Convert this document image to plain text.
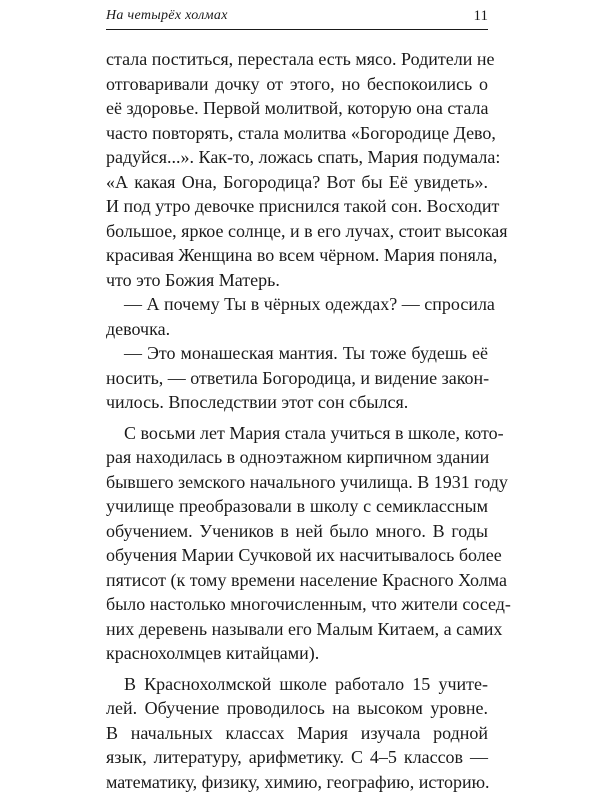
На четырёх холмах	11
стала поститься, перестала есть мясо. Родители не
отговаривали дочку от этого, но беспокоились о
её здоровье. Первой молитвой, которую она стала
часто повторять, стала молитва «Богородице Дево,
радуйся...». Как-то, ложась спать, Мария подумала:
«А какая Она, Богородица? Вот бы Её увидеть».
И под утро девочке приснился такой сон. Восходит
большое, яркое солнце, и в его лучах, стоит высокая
красивая Женщина во всем чёрном. Мария поняла,
что это Божия Матерь.
— А почему Ты в чёрных одеждах? — спросила
девочка.
— Это монашеская мантия. Ты тоже будешь её
носить, — ответила Богородица, и видение закон-
чилось. Впоследствии этот сон сбылся.
С восьми лет Мария стала учиться в школе, кото-
рая находилась в одноэтажном кирпичном здании
бывшего земского начального училища. В 1931 году
училище преобразовали в школу с семиклассным
обучением. Учеников в ней было много. В годы
обучения Марии Сучковой их насчитывалось более
пятисот (к тому времени население Красного Холма
было настолько многочисленным, что жители сосед-
них деревень называли его Малым Китаем, а самих
краснохолмцев китайцами).
В Краснохолмской школе работало 15 учите-
лей. Обучение проводилось на высоком уровне.
В начальных классах Мария изучала родной
язык, литературу, арифметику. С 4–5 классов —
математику, физику, химию, географию, историю.
